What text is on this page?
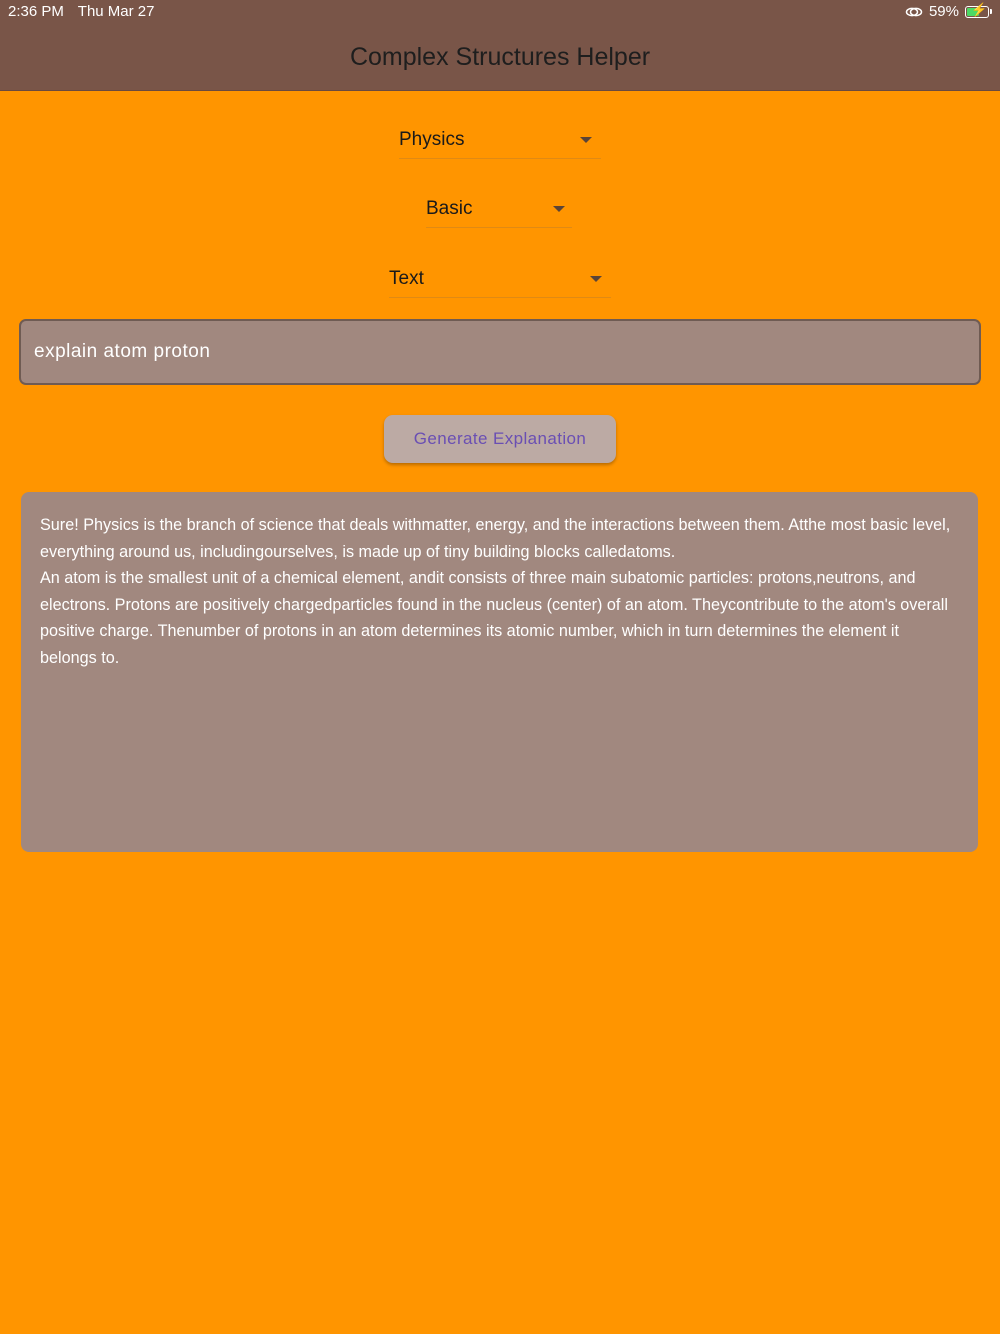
2:36 PM Thu Mar 27	59% ⚡
Complex Structures Helper
Physics
Basic
Text
explain atom proton
Generate Explanation

Sure! Physics is the branch of science that deals withmatter, energy, and the interactions between them. Atthe most basic level, everything around us, includingourselves, is made up of tiny building blocks calledatoms.

An atom is the smallest unit of a chemical element, andit consists of three main subatomic particles: protons,neutrons, and electrons. Protons are positively chargedparticles found in the nucleus (center) of an atom. Theycontribute to the atom's overall positive charge. Thenumber of protons in an atom determines its atomic number, which in turn determines the element it belongs to.
